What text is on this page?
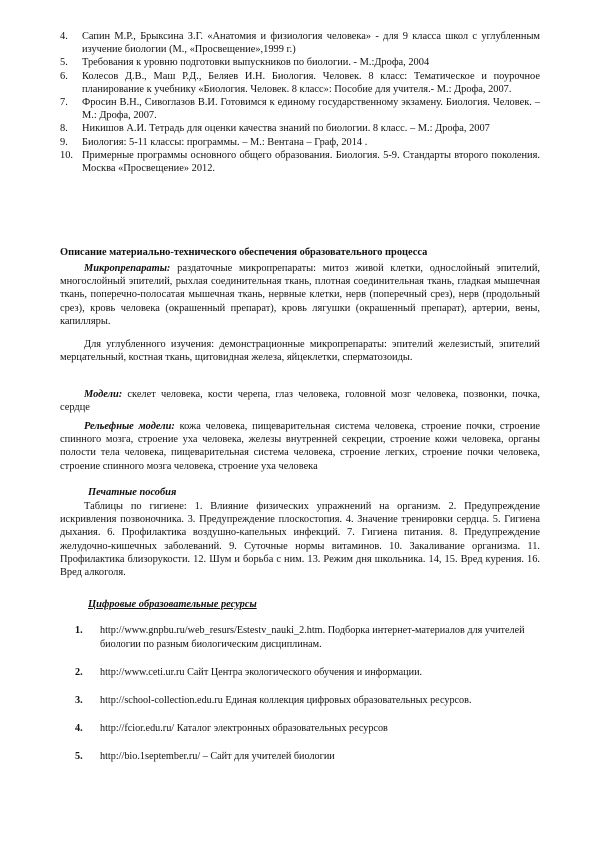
4. Сапин М.Р., Брыксина З.Г. «Анатомия и физиология человека» - для 9 класса школ с углубленным изучение биологии (М., «Просвещение»,1999 г.)
5. Требования к уровню подготовки выпускников по биологии. - М.:Дрофа, 2004
6. Колесов Д.В., Маш Р.Д., Беляев И.Н. Биология. Человек. 8 класс: Тематическое и поурочное планирование к учебнику «Биология. Человек. 8 класс»: Пособие для учителя.- М.: Дрофа, 2007.
7. Фросин В.Н., Сивоглазов В.И. Готовимся к единому государственному экзамену. Биология. Человек. – М.: Дрофа, 2007.
8. Никишов А.И. Тетрадь для оценки качества знаний по биологии. 8 класс. – М.: Дрофа, 2007
9. Биология: 5-11 классы: программы. – М.: Вентана – Граф, 2014 .
10. Примерные программы основного общего образования. Биология. 5-9. Стандарты второго поколения. Москва «Просвещение» 2012.
Описание материально-технического обеспечения образовательного процесса
Микропрепараты: раздаточные микропрепараты: митоз живой клетки, однослойный эпителий, многослойный эпителий, рыхлая соединительная ткань, плотная соединительная ткань, гладкая мышечная ткань, поперечно-полосатая мышечная ткань, нервные клетки, нерв (поперечный срез), нерв (продольный срез), кровь человека (окрашенный препарат), кровь лягушки (окрашенный препарат), артерии, вены, капилляры.
Для углубленного изучения: демонстрационные микропрепараты: эпителий железистый, эпителий мерцательный, костная ткань, щитовидная железа, яйцеклетки, сперматозоиды.
Модели: скелет человека, кости черепа, глаз человека, головной мозг человека, позвонки, почка, сердце
Рельефные модели: кожа человека, пищеварительная система человека, строение почки, строение спинного мозга, строение уха человека, железы внутренней секреции, строение кожи человека, органы полости тела человека, пищеварительная система человека, строение легких, строение почки человека, строение спинного мозга человека, строение уха человека
Печатные пособия
Таблицы по гигиене: 1. Влияние физических упражнений на организм. 2. Предупреждение искривления позвоночника. 3. Предупреждение плоскостопия. 4. Значение тренировки сердца. 5. Гигиена дыхания. 6. Профилактика воздушно-капельных инфекций. 7. Гигиена питания. 8. Предупреждение желудочно-кишечных заболеваний. 9. Суточные нормы витаминов. 10. Закаливание организма. 11. Профилактика близорукости. 12. Шум и борьба с ним. 13. Режим дня школьника. 14, 15. Вред курения. 16. Вред алкоголя.
Цифровые образовательные ресурсы
1. http://www.gnpbu.ru/web_resurs/Estestv_nauki_2.htm. Подборка интернет-материалов для учителей биологии по разным биологическим дисциплинам.
2. http://www.ceti.ur.ru Сайт Центра экологического обучения и информации.
3. http://school-collection.edu.ru Единая коллекция цифровых образовательных ресурсов.
4. http://fcior.edu.ru/ Каталог электронных образовательных ресурсов
5. http://bio.1september.ru/ – Сайт для учителей биологии
